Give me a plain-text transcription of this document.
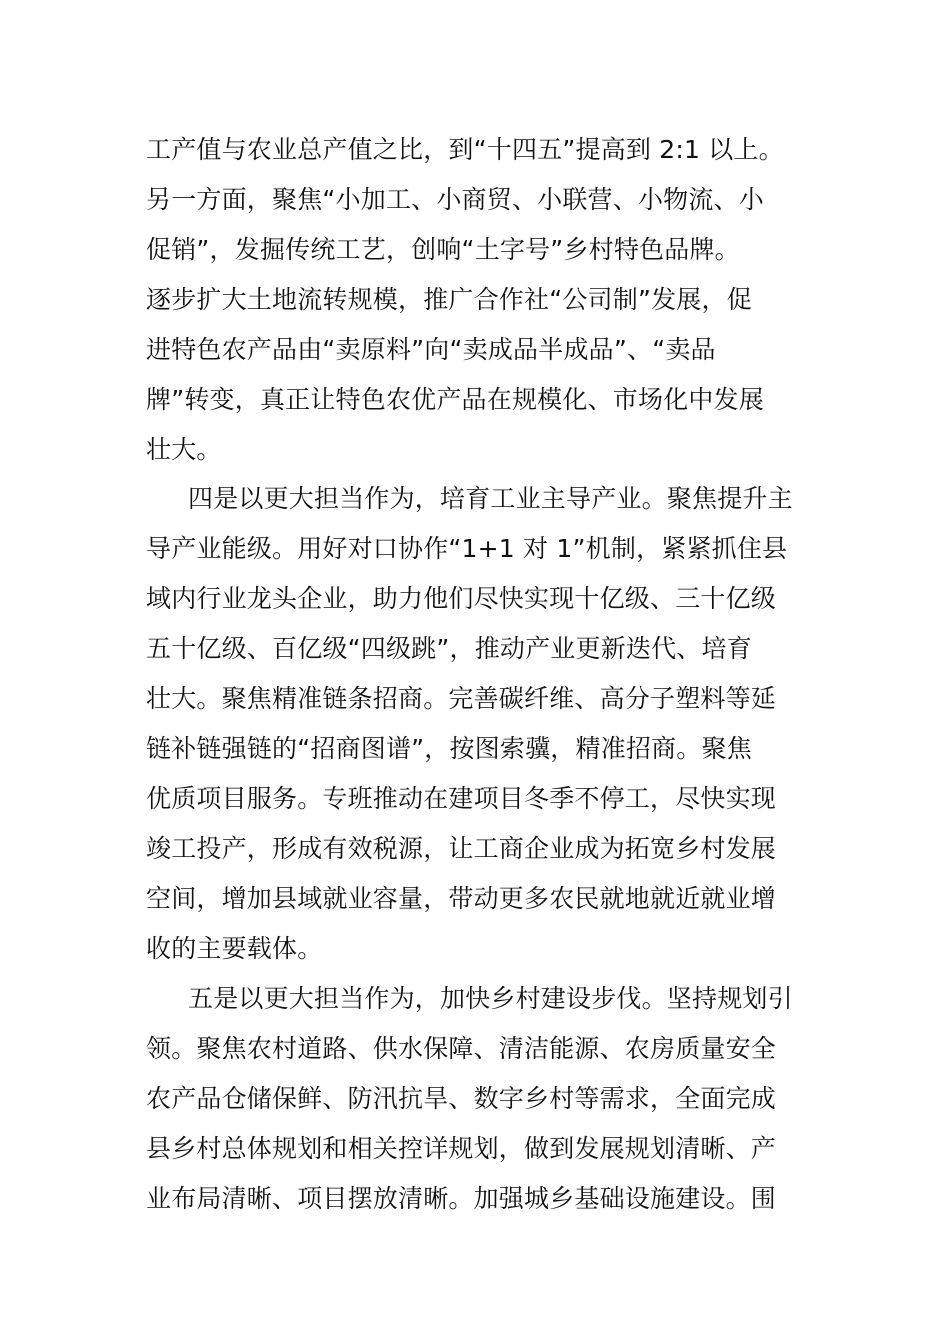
工产值与农业总产值之比，到“十四五”提高到 2:1 以上。
另一方面，聚焦“小加工、小商贸、小联营、小物流、小
促销”，发掘传统工艺，创响“土字号”乡村特色品牌。
逐步扩大土地流转规模，推广合作社“公司制”发展，促
进特色农产品由“卖原料”向“卖成品半成品”、“卖品
牌”转变，真正让特色农优产品在规模化、市场化中发展
壮大。
四是以更大担当作为，培育工业主导产业。聚焦提升主
导产业能级。用好对口协作“1+1 对 1”机制，紧紧抓住县
域内行业龙头企业，助力他们尽快实现十亿级、三十亿级
五十亿级、百亿级“四级跳”，推动产业更新迭代、培育
壮大。聚焦精准链条招商。完善碳纤维、高分子塑料等延
链补链强链的“招商图谱”，按图索骥，精准招商。聚焦
优质项目服务。专班推动在建项目冬季不停工，尽快实现
竣工投产，形成有效税源，让工商企业成为拓宽乡村发展
空间，增加县域就业容量，带动更多农民就地就近就业增
收的主要载体。
五是以更大担当作为，加快乡村建设步伐。坚持规划引
领。聚焦农村道路、供水保障、清洁能源、农房质量安全
农产品仓储保鲜、防汛抗旱、数字乡村等需求，全面完成
县乡村总体规划和相关控详规划，做到发展规划清晰、产
业布局清晰、项目摆放清晰。加强城乡基础设施建设。围
